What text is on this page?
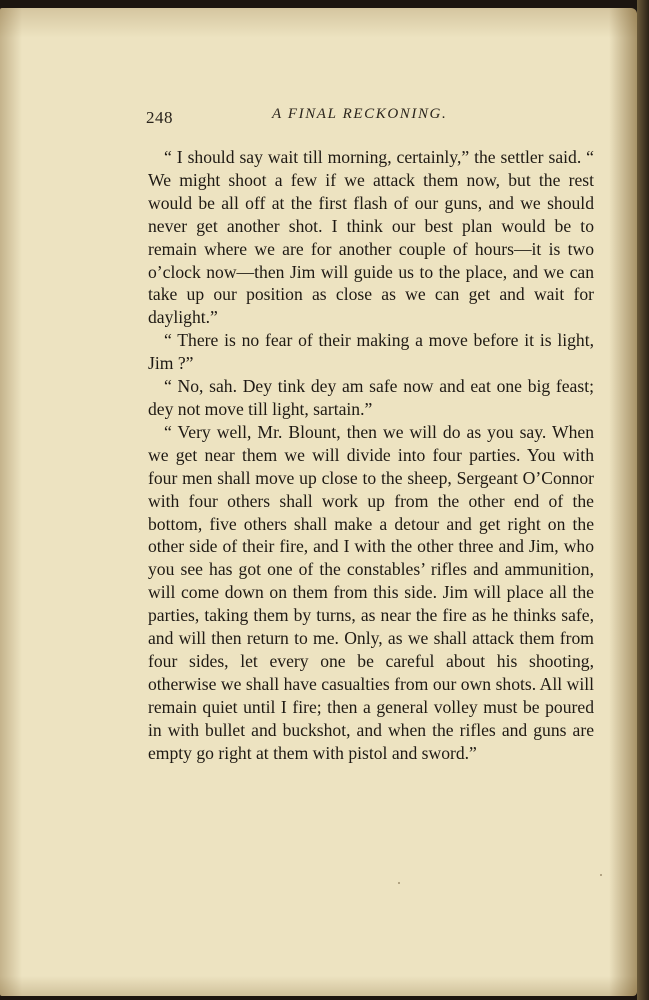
248	A FINAL RECKONING.

“ I should say wait till morning, certainly,” the settler said. “ We might shoot a few if we attack them now, but the rest would be all off at the first flash of our guns, and we should never get another shot. I think our best plan would be to remain where we are for another couple of hours—it is two o’clock now—then Jim will guide us to the place, and we can take up our position as close as we can get and wait for daylight.”

“ There is no fear of their making a move before it is light, Jim ?”

“ No, sah. Dey tink dey am safe now and eat one big feast; dey not move till light, sartain.”

“ Very well, Mr. Blount, then we will do as you say. When we get near them we will divide into four parties. You with four men shall move up close to the sheep, Sergeant O’Connor with four others shall work up from the other end of the bottom, five others shall make a detour and get right on the other side of their fire, and I with the other three and Jim, who you see has got one of the constables’ rifles and ammunition, will come down on them from this side. Jim will place all the parties, taking them by turns, as near the fire as he thinks safe, and will then return to me. Only, as we shall attack them from four sides, let every one be careful about his shooting, otherwise we shall have casualties from our own shots. All will remain quiet until I fire; then a general volley must be poured in with bullet and buckshot, and when the rifles and guns are empty go right at them with pistol and sword.”
